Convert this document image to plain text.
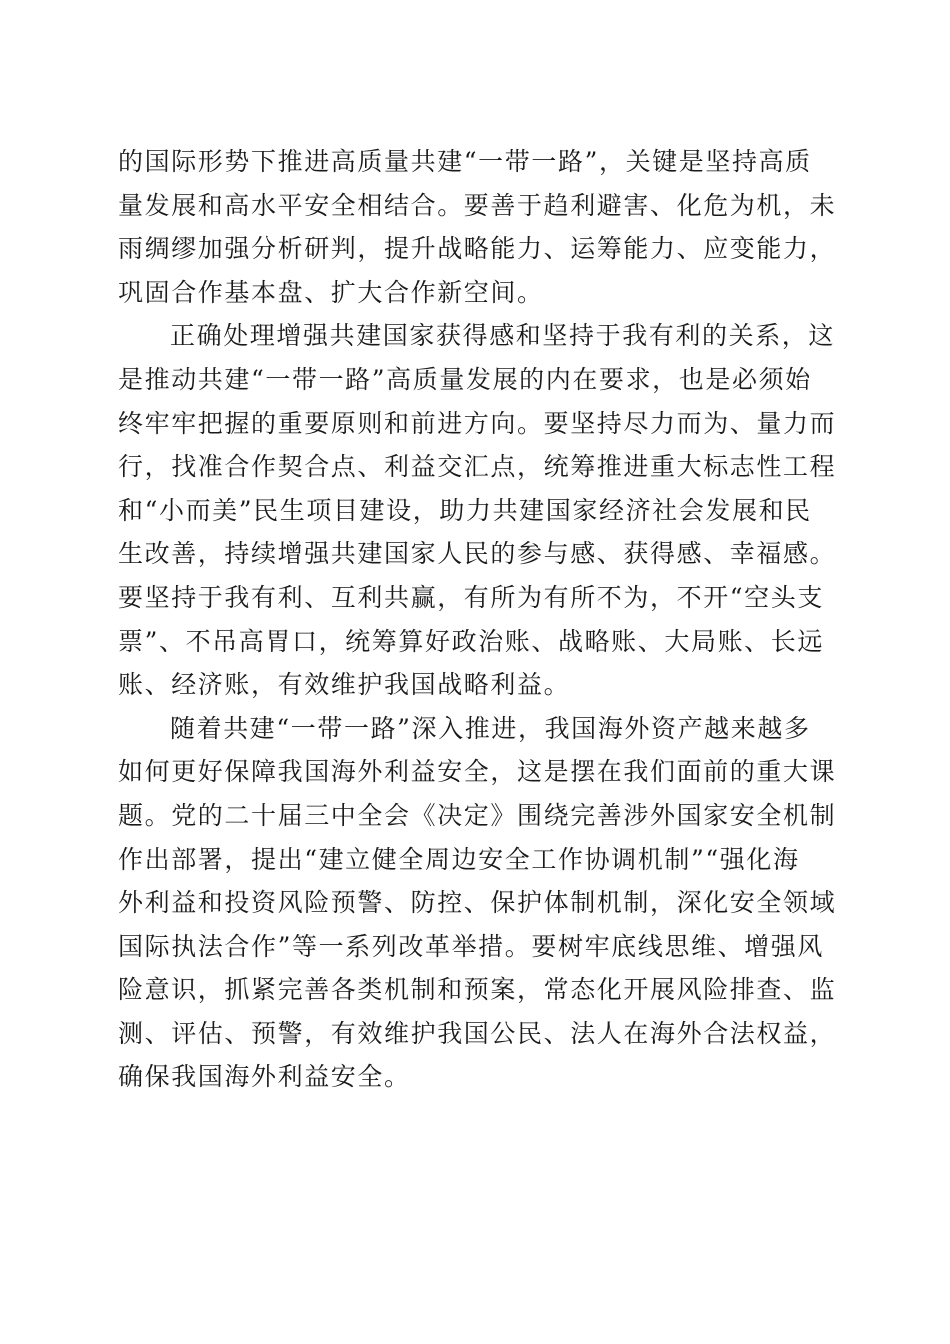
的国际形势下推进高质量共建“一带一路”，关键是坚持高质
量发展和高水平安全相结合。要善于趋利避害、化危为机，未
雨绸缪加强分析研判，提升战略能力、运筹能力、应变能力，
巩固合作基本盘、扩大合作新空间。
正确处理增强共建国家获得感和坚持于我有利的关系，这
是推动共建“一带一路”高质量发展的内在要求，也是必须始
终牢牢把握的重要原则和前进方向。要坚持尽力而为、量力而
行，找准合作契合点、利益交汇点，统筹推进重大标志性工程
和“小而美”民生项目建设，助力共建国家经济社会发展和民
生改善，持续增强共建国家人民的参与感、获得感、幸福感。
要坚持于我有利、互利共赢，有所为有所不为，不开“空头支
票”、不吊高胃口，统筹算好政治账、战略账、大局账、长远
账、经济账，有效维护我国战略利益。
随着共建“一带一路”深入推进，我国海外资产越来越多
如何更好保障我国海外利益安全，这是摆在我们面前的重大课
题。党的二十届三中全会《决定》围绕完善涉外国家安全机制
作出部署，提出“建立健全周边安全工作协调机制”“强化海
外利益和投资风险预警、防控、保护体制机制，深化安全领域
国际执法合作”等一系列改革举措。要树牢底线思维、增强风
险意识，抓紧完善各类机制和预案，常态化开展风险排查、监
测、评估、预警，有效维护我国公民、法人在海外合法权益，
确保我国海外利益安全。
